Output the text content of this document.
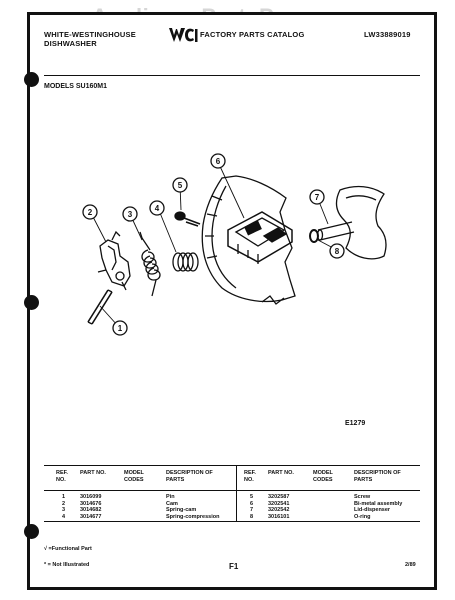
WHITE-WESTINGHOUSE
DISHWASHER
FACTORY PARTS CATALOG	LW33889019
MODELS SU160M1
1
2	3
4
5
6
7
8
E1279
REF. NO.
PART NO.	MODEL CODES
DESCRIPTION OF PARTS
REF. NO.
PART NO.	MODEL CODES
DESCRIPTION OF PARTS
1	3016099	Pin
2	3014676	Cam
3	3014682	Spring-cam
4	3014677	Spring-compression
5	3202587	Screw
6	3202541	Bi-metal assembly
7	3202542	Lid-dispenser
8	3016101	O-ring
√ =Functional Part
* = Not Illustrated	F1	2/89
